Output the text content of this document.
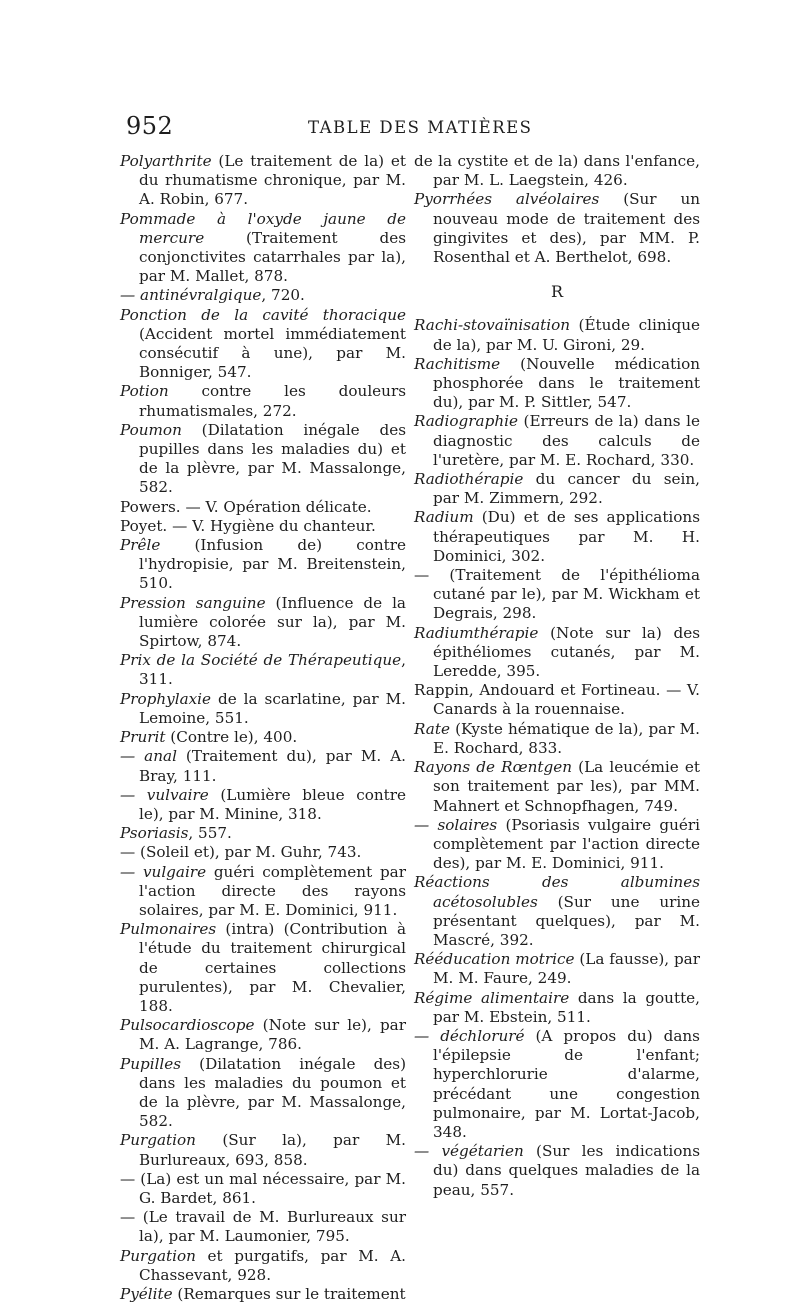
952	TABLE DES MATIÈRES

Polyarthrite (Le traitement de la) et du rhumatisme chronique, par M. A. Robin, 677.

Pommade à l'oxyde jaune de mercure (Traitement des conjonctivites catarrhales par la), par M. Mallet, 878.

— antinévralgique, 720.

Ponction de la cavité thoracique (Accident mortel immédiatement consécutif à une), par M. Bonniger, 547.

Potion contre les douleurs rhumatismales, 272.

Poumon (Dilatation inégale des pupilles dans les maladies du) et de la plèvre, par M. Massalonge, 582.

Powers. — V. Opération délicate.

Poyet. — V. Hygiène du chanteur.

Prêle (Infusion de) contre l'hydropisie, par M. Breitenstein, 510.

Pression sanguine (Influence de la lumière colorée sur la), par M. Spirtow, 874.

Prix de la Société de Thérapeutique, 311.

Prophylaxie de la scarlatine, par M. Lemoine, 551.

Prurit (Contre le), 400.

— anal (Traitement du), par M. A. Bray, 111.

— vulvaire (Lumière bleue contre le), par M. Minine, 318.

Psoriasis, 557.

— (Soleil et), par M. Guhr, 743.

— vulgaire guéri complètement par l'action directe des rayons solaires, par M. E. Dominici, 911.

Pulmonaires (intra) (Contribution à l'étude du traitement chirurgical de certaines collections purulentes), par M. Chevalier, 188.

Pulsocardioscope (Note sur le), par M. A. Lagrange, 786.

Pupilles (Dilatation inégale des) dans les maladies du poumon et de la plèvre, par M. Massalonge, 582.

Purgation (Sur la), par M. Burlureaux, 693, 858.

— (La) est un mal nécessaire, par M. G. Bardet, 861.

— (Le travail de M. Burlureaux sur la), par M. Laumonier, 795.

Purgation et purgatifs, par M. A. Chassevant, 928.

Pyélite (Remarques sur le traitement

de la cystite et de la) dans l'enfance, par M. L. Laegstein, 426.

Pyorrhées alvéolaires (Sur un nouveau mode de traitement des gingivites et des), par MM. P. Rosenthal et A. Berthelot, 698.

R

Rachi-stovaïnisation (Étude clinique de la), par M. U. Gironi, 29.

Rachitisme (Nouvelle médication phosphorée dans le traitement du), par M. P. Sittler, 547.

Radiographie (Erreurs de la) dans le diagnostic des calculs de l'uretère, par M. E. Rochard, 330.

Radiothérapie du cancer du sein, par M. Zimmern, 292.

Radium (Du) et de ses applications thérapeutiques par M. H. Dominici, 302.

— (Traitement de l'épithélioma cutané par le), par M. Wickham et Degrais, 298.

Radiumthérapie (Note sur la) des épithéliomes cutanés, par M. Leredde, 395.

Rappin, Andouard et Fortineau. — V. Canards à la rouennaise.

Rate (Kyste hématique de la), par M. E. Rochard, 833.

Rayons de Rœntgen (La leucémie et son traitement par les), par MM. Mahnert et Schnopfhagen, 749.

— solaires (Psoriasis vulgaire guéri complètement par l'action directe des), par M. E. Dominici, 911.

Réactions des albumines acétosolubles (Sur une urine présentant quelques), par M. Mascré, 392.

Rééducation motrice (La fausse), par M. M. Faure, 249.

Régime alimentaire dans la goutte, par M. Ebstein, 511.

— déchloruré (A propos du) dans l'épilepsie de l'enfant; hyperchlorurie d'alarme, précédant une congestion pulmonaire, par M. Lortat-Jacob, 348.

— végétarien (Sur les indications du) dans quelques maladies de la peau, 557.
